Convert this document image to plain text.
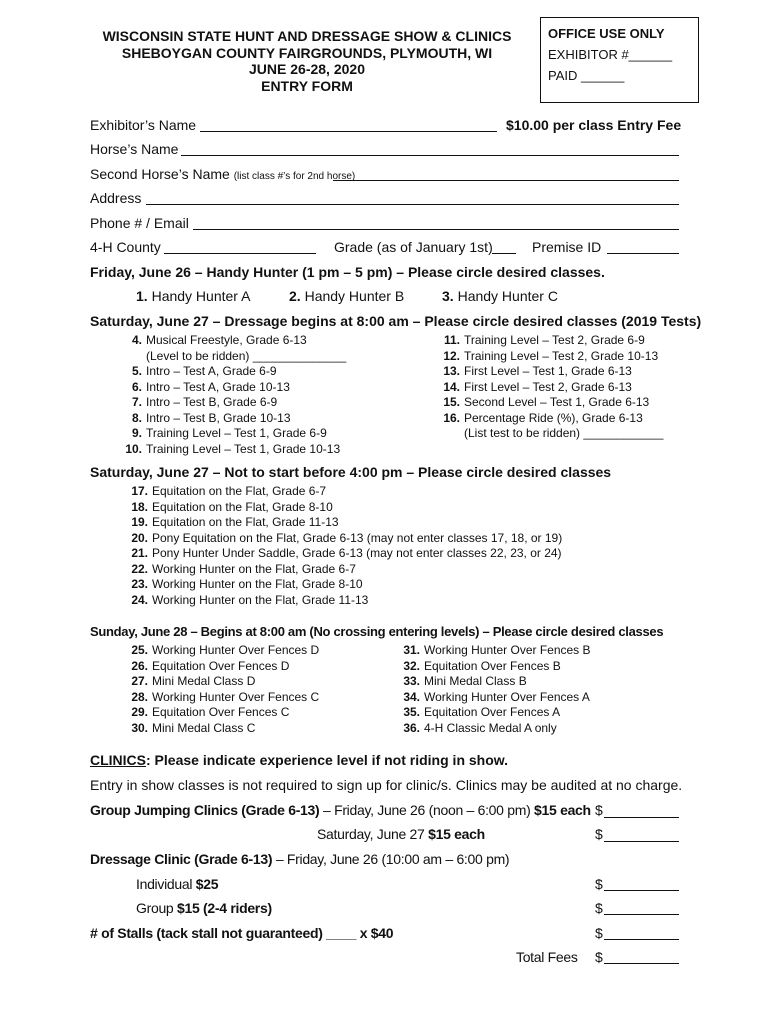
WISCONSIN STATE HUNT AND DRESSAGE SHOW & CLINICS
SHEBOYGAN COUNTY FAIRGROUNDS, PLYMOUTH, WI
JUNE 26-28, 2020
ENTRY FORM
OFFICE USE ONLY
EXHIBITOR #______
PAID ______
Exhibitor’s Name	$10.00 per class Entry Fee
Horse’s Name
Second Horse’s Name (list class #’s for 2nd horse)
Address
Phone # / Email
4-H County	Grade (as of January 1st)	Premise ID
Friday, June 26 – Handy Hunter (1 pm – 5 pm) – Please circle desired classes.
1. Handy Hunter A	2. Handy Hunter B	3. Handy Hunter C
Saturday, June 27 – Dressage begins at 8:00 am – Please circle desired classes (2019 Tests)
4. Musical Freestyle, Grade 6-13
(Level to be ridden) ______________
5. Intro – Test A, Grade 6-9
6. Intro – Test A, Grade 10-13
7. Intro – Test B, Grade 6-9
8. Intro – Test B, Grade 10-13
9. Training Level – Test 1, Grade 6-9
10. Training Level – Test 1, Grade 10-13
11. Training Level – Test 2, Grade 6-9
12. Training Level – Test 2, Grade 10-13
13. First Level – Test 1, Grade 6-13
14. First Level – Test 2, Grade 6-13
15. Second Level – Test 1, Grade 6-13
16. Percentage Ride (%), Grade 6-13
(List test to be ridden) ____________
Saturday, June 27 – Not to start before 4:00 pm – Please circle desired classes
17. Equitation on the Flat, Grade 6-7
18. Equitation on the Flat, Grade 8-10
19. Equitation on the Flat, Grade 11-13
20. Pony Equitation on the Flat, Grade 6-13 (may not enter classes 17, 18, or 19)
21. Pony Hunter Under Saddle, Grade 6-13 (may not enter classes 22, 23, or 24)
22. Working Hunter on the Flat, Grade 6-7
23. Working Hunter on the Flat, Grade 8-10
24. Working Hunter on the Flat, Grade 11-13
Sunday, June 28 – Begins at 8:00 am (No crossing entering levels) – Please circle desired classes
25. Working Hunter Over Fences D
26. Equitation Over Fences D
27. Mini Medal Class D
28. Working Hunter Over Fences C
29. Equitation Over Fences C
30. Mini Medal Class C
31. Working Hunter Over Fences B
32. Equitation Over Fences B
33. Mini Medal Class B
34. Working Hunter Over Fences A
35. Equitation Over Fences A
36. 4-H Classic Medal A only
CLINICS: Please indicate experience level if not riding in show.
Entry in show classes is not required to sign up for clinic/s. Clinics may be audited at no charge.
Group Jumping Clinics (Grade 6-13) – Friday, June 26 (noon – 6:00 pm) $15 each $
Saturday, June 27 $15 each	$
Dressage Clinic (Grade 6-13) – Friday, June 26 (10:00 am – 6:00 pm)
Individual $25	$
Group $15 (2-4 riders)	$
# of Stalls (tack stall not guaranteed) ____ x $40	$
Total Fees $
